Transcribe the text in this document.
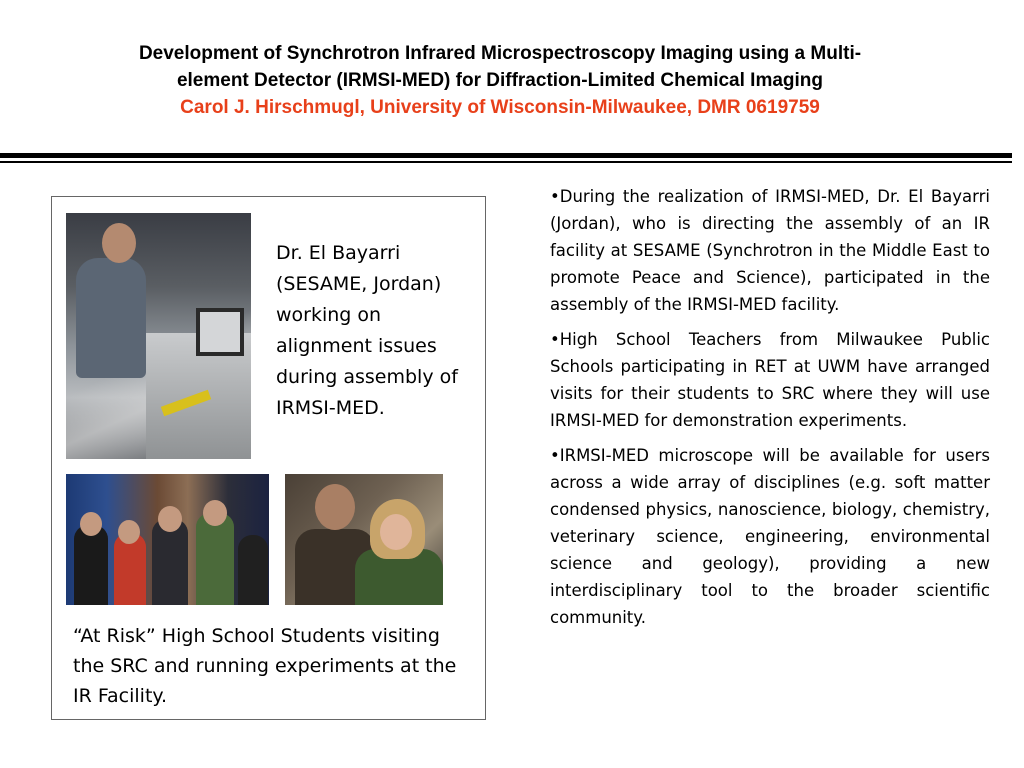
Development of Synchrotron Infrared Microspectroscopy Imaging using a Multi-
element Detector (IRMSI-MED) for Diffraction-Limited Chemical Imaging
Carol J. Hirschmugl, University of Wisconsin-Milwaukee, DMR 0619759
Dr. El Bayarri (SESAME, Jordan) working on alignment issues during assembly of IRMSI-MED.
“At Risk” High School Students visiting the SRC and running experiments at the IR Facility.

•During the realization of IRMSI-MED, Dr. El Bayarri (Jordan), who is directing the assembly of an IR facility at SESAME (Synchrotron in the Middle East to promote Peace and Science), participated in the assembly of the IRMSI-MED facility.

•High School Teachers from Milwaukee Public Schools participating in RET at UWM have arranged visits for their students to SRC where they will use IRMSI-MED for demonstration experiments.

•IRMSI-MED microscope will be available for users across a wide array of disciplines (e.g. soft matter condensed physics, nanoscience, biology, chemistry, veterinary science, engineering, environmental science and geology), providing a new interdisciplinary tool to the broader scientific community.
